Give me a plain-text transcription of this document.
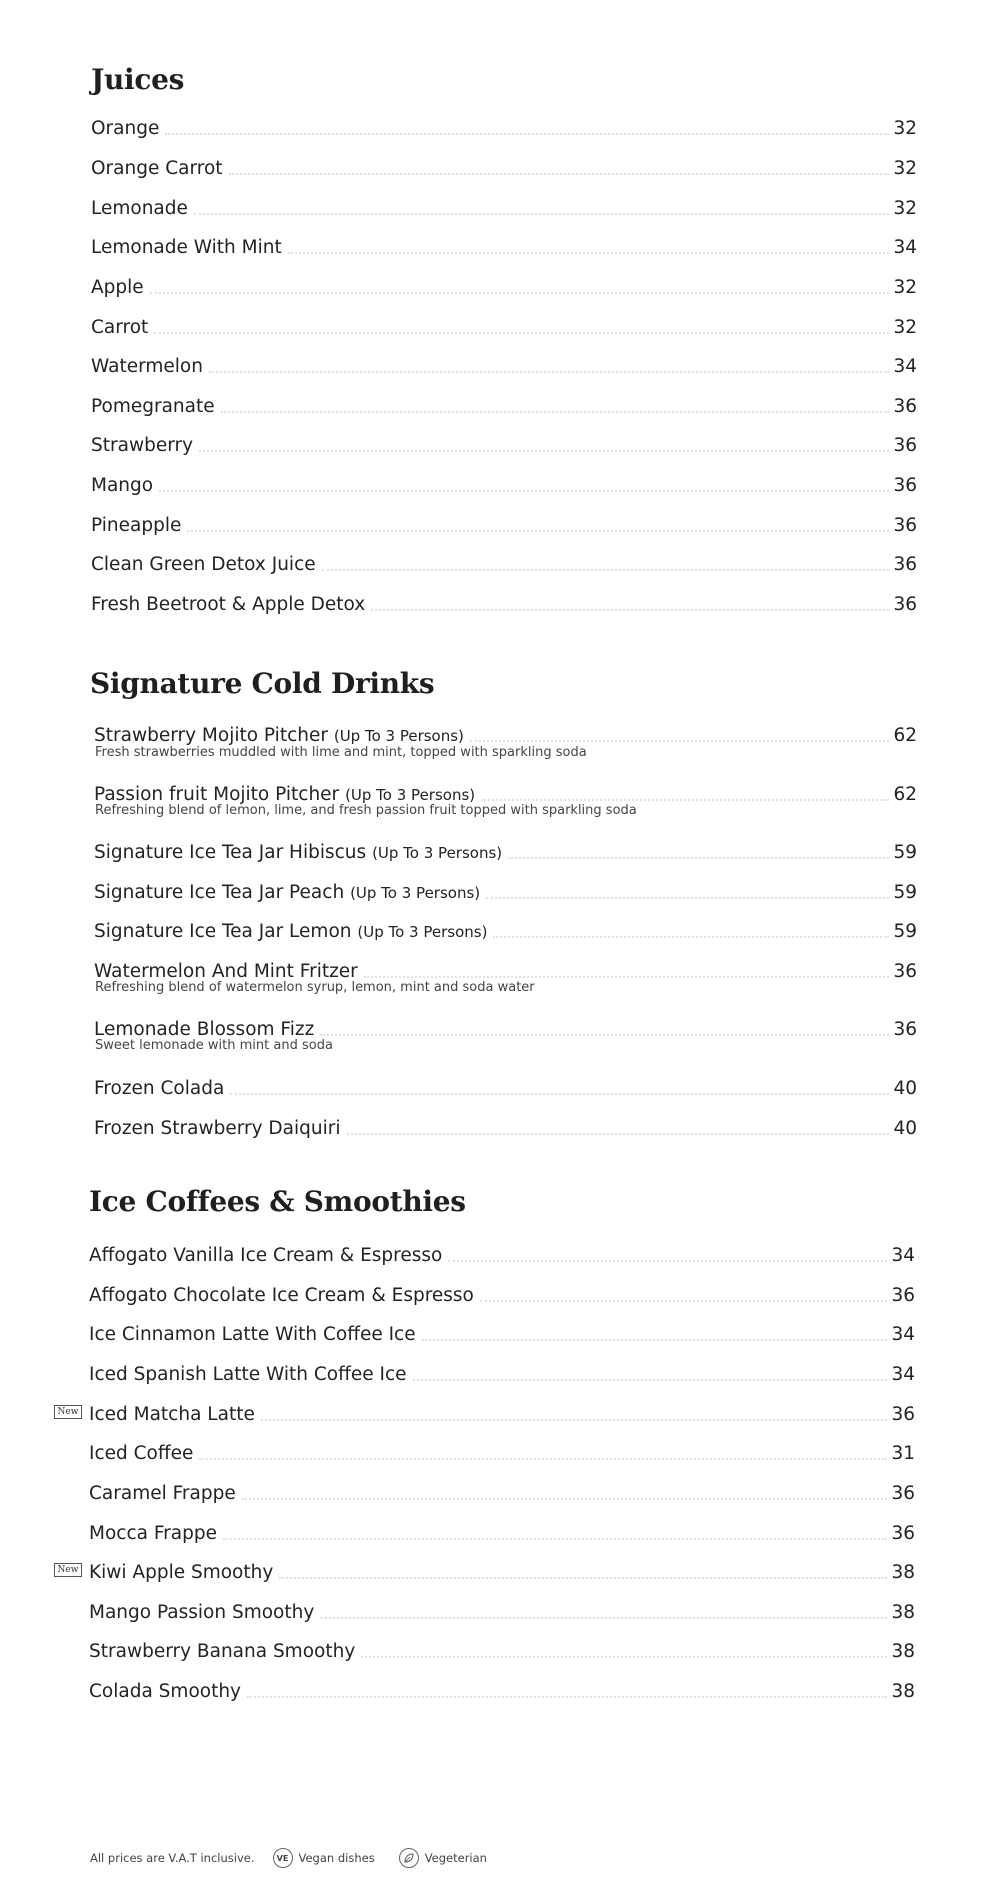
Juices
Orange	32
Orange Carrot	32
Lemonade	32
Lemonade With Mint	34
Apple	32
Carrot	32
Watermelon	34
Pomegranate	36
Strawberry	36
Mango	36
Pineapple	36
Clean Green Detox Juice	36
Fresh Beetroot & Apple Detox	36
Signature Cold Drinks
Strawberry Mojito Pitcher (Up To 3 Persons)	62
Fresh strawberries muddled with lime and mint, topped with sparkling soda
Passion fruit Mojito Pitcher (Up To 3 Persons)	62
Refreshing blend of lemon, lime, and fresh passion fruit topped with sparkling soda
Signature Ice Tea Jar Hibiscus (Up To 3 Persons)	59
Signature Ice Tea Jar Peach (Up To 3 Persons)	59
Signature Ice Tea Jar Lemon (Up To 3 Persons)	59
Watermelon And Mint Fritzer	36
Refreshing blend of watermelon syrup, lemon, mint and soda water
Lemonade Blossom Fizz	36
Sweet lemonade with mint and soda
Frozen Colada	40
Frozen Strawberry Daiquiri	40
Ice Coffees & Smoothies
Affogato Vanilla Ice Cream & Espresso	34
Affogato Chocolate Ice Cream & Espresso	36
Ice Cinnamon Latte With Coffee Ice	34
Iced Spanish Latte With Coffee Ice	34
New Iced Matcha Latte	36
Iced Coffee	31
Caramel Frappe	36
Mocca Frappe	36
New Kiwi Apple Smoothy	38
Mango Passion Smoothy	38
Strawberry Banana Smoothy	38
Colada Smoothy	38
All prices are V.A.T inclusive.	VE Vegan dishes	Vegeterian
